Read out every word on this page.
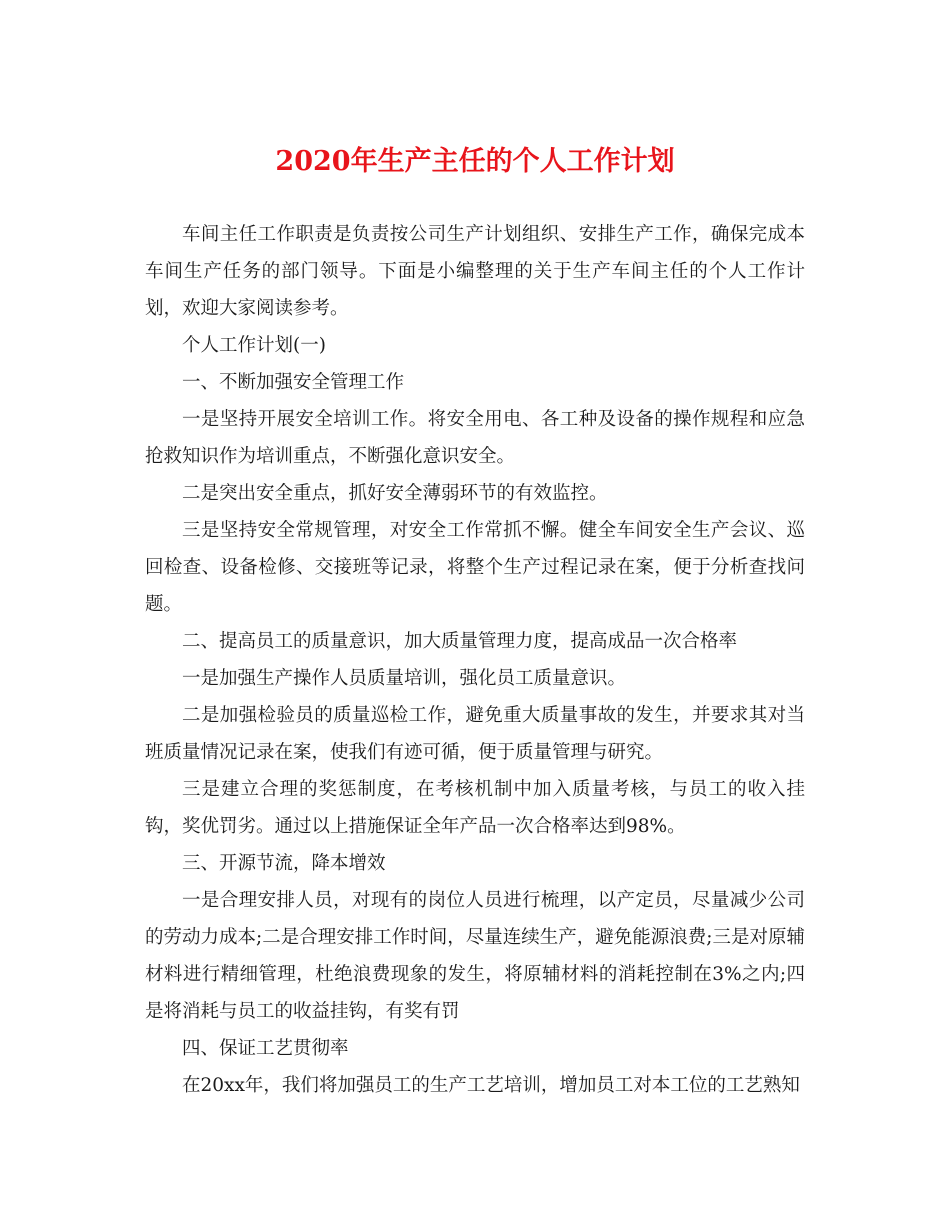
2020年生产主任的个人工作计划

车间主任工作职责是负责按公司生产计划组织、安排生产工作，确保完成本车间生产任务的部门领导。下面是小编整理的关于生产车间主任的个人工作计划，欢迎大家阅读参考。

个人工作计划(一)

一、不断加强安全管理工作

一是坚持开展安全培训工作。将安全用电、各工种及设备的操作规程和应急抢救知识作为培训重点，不断强化意识安全。

二是突出安全重点，抓好安全薄弱环节的有效监控。

三是坚持安全常规管理，对安全工作常抓不懈。健全车间安全生产会议、巡回检查、设备检修、交接班等记录，将整个生产过程记录在案，便于分析查找问题。

二、提高员工的质量意识，加大质量管理力度，提高成品一次合格率

一是加强生产操作人员质量培训，强化员工质量意识。

二是加强检验员的质量巡检工作，避免重大质量事故的发生，并要求其对当班质量情况记录在案，使我们有迹可循，便于质量管理与研究。

三是建立合理的奖惩制度，在考核机制中加入质量考核，与员工的收入挂钩，奖优罚劣。通过以上措施保证全年产品一次合格率达到98%。

三、开源节流，降本增效

一是合理安排人员，对现有的岗位人员进行梳理，以产定员，尽量减少公司的劳动力成本;二是合理安排工作时间，尽量连续生产，避免能源浪费;三是对原辅材料进行精细管理，杜绝浪费现象的发生，将原辅材料的消耗控制在3%之内;四是将消耗与员工的收益挂钩，有奖有罚

四、保证工艺贯彻率

在20xx年，我们将加强员工的生产工艺培训，增加员工对本工位的工艺熟知
